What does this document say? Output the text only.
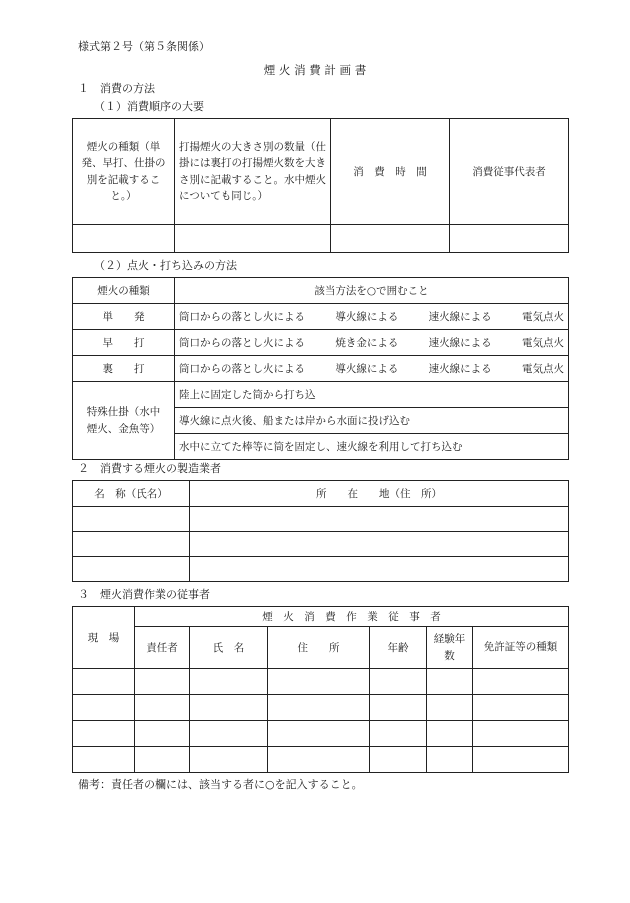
様式第２号（第５条関係）
煙 火 消 費 計 画 書
１　消費の方法
（１）消費順序の大要
煙火の種類（単発、早打、仕掛の別を記載すること。）	打揚煙火の大きさ別の数量（仕掛には裏打の打揚煙火数を大きさ別に記載すること。水中煙火についても同じ。）	消　費　時　間	消費従事代表者

（２）点火・打ち込みの方法
煙火の種類	該当方法を○で囲むこと
単　　発	筒口からの落とし火による 導火線による 速火線による 電気点火

早　　打	筒口からの落とし火による 焼き金による 速火線による 電気点火

裏　　打	筒口からの落とし火による 導火線による 速火線による 電気点火

特殊仕掛（水中煙火、金魚等）	陸上に固定した筒から打ち込
	導火線に点火後、船または岸から水面に投げ込む
	水中に立てた棒等に筒を固定し、速火線を利用して打ち込む
２　消費する煙火の製造業者
名　称（氏名）	所　　在　　地（住　所）

３　煙火消費作業の従事者
現　場	煙　火　消　費　作　業　従　事　者					
	責任者	氏　名	住　　所	年齢	経験年数	免許証等の種類

備考：責任者の欄には、該当する者に○を記入すること。
